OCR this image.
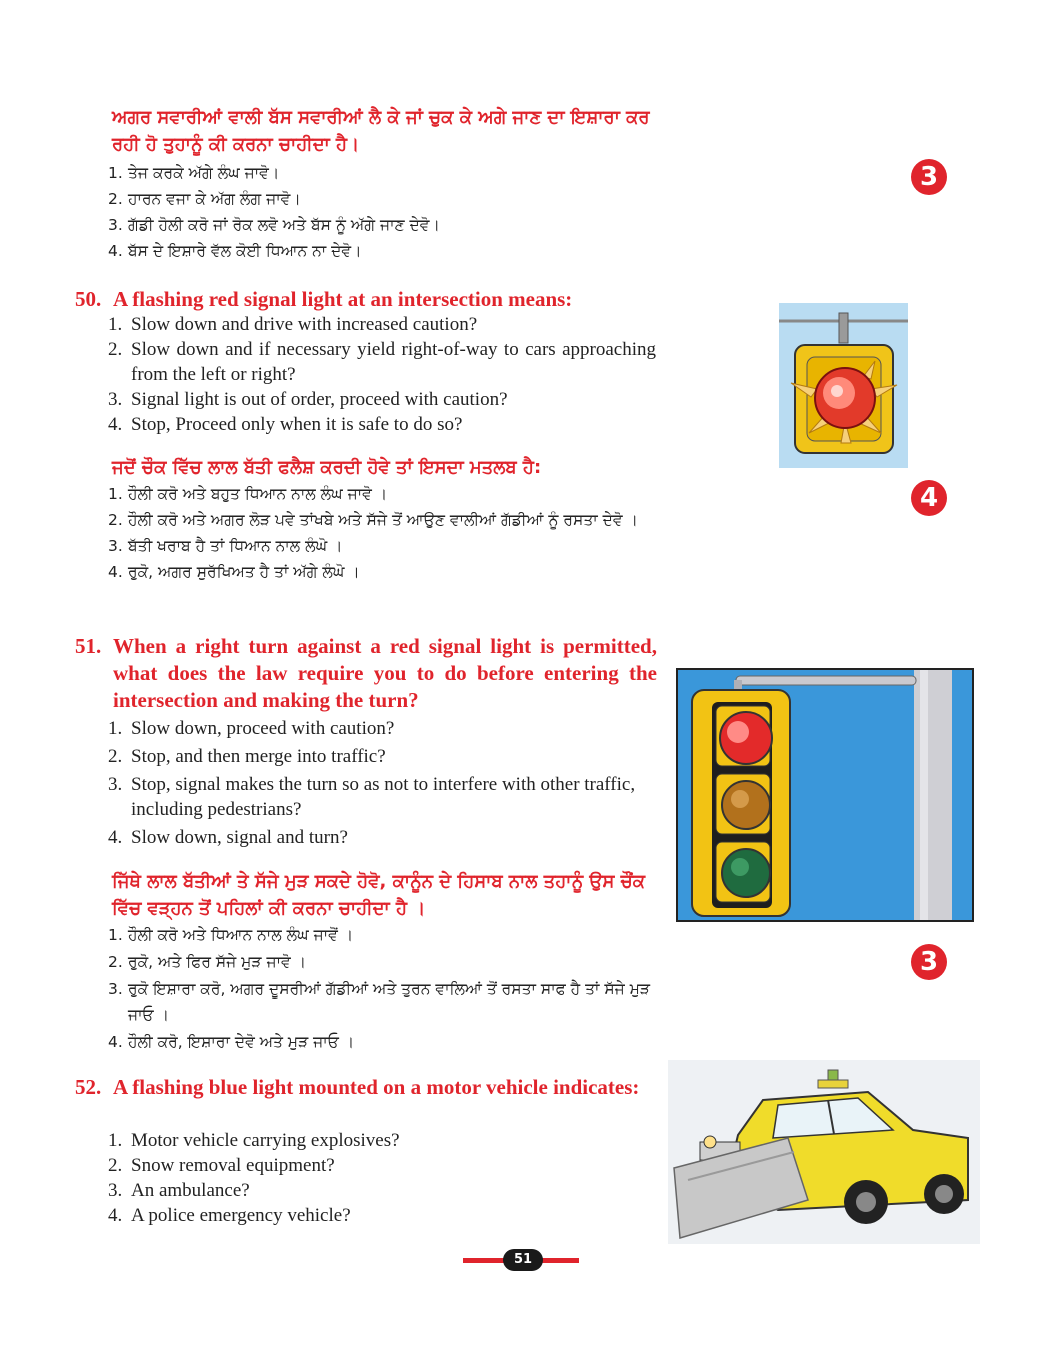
ਅਗਰ ਸਵਾਰੀਆਂ ਵਾਲੀ ਬੱਸ ਸਵਾਰੀਆਂ ਲੈ ਕੇ ਜਾਂ ਚੁਕ ਕੇ ਅਗੇ ਜਾਣ ਦਾ ਇਸ਼ਾਰਾ ਕਰ ਰਹੀ ਹੋ ਤੁਹਾਨੂੰ ਕੀ ਕਰਨਾ ਚਾਹੀਦਾ ਹੈ।
1. ਤੇਜ ਕਰਕੇ ਅੱਗੇ ਲੰਘ ਜਾਵੋ।
2. ਹਾਰਨ ਵਜਾ ਕੇ ਅੱਗ ਲੰਗ ਜਾਵੋ।
3. ਗੱਡੀ ਹੋਲੀ ਕਰੋ ਜਾਂ ਰੋਕ ਲਵੋ ਅਤੇ ਬੱਸ ਨੂੰ ਅੱਗੇ ਜਾਣ ਦੇਵੋ।
4. ਬੱਸ ਦੇ ਇਸ਼ਾਰੇ ਵੱਲ ਕੋਈ ਧਿਆਨ ਨਾ ਦੇਵੋ।
3
50. A flashing red signal light at an intersection means:
1. Slow down and drive with increased caution?
2. Slow down and if necessary yield right-of-way to cars approaching from the left or right?
3. Signal light is out of order, proceed with caution?
4. Stop, Proceed only when it is safe to do so?
ਜਦੋਂ ਚੌਕ ਵਿੱਚ ਲਾਲ ਬੱਤੀ ਫਲੈਸ਼ ਕਰਦੀ ਹੋਵੇ ਤਾਂ ਇਸਦਾ ਮਤਲਬ ਹੈ:
1. ਹੌਲੀ ਕਰੋ ਅਤੇ ਬਹੁਤ ਧਿਆਨ ਨਾਲ ਲੰਘ ਜਾਵੋ ।
2. ਹੌਲੀ ਕਰੋ ਅਤੇ ਅਗਰ ਲੋੜ ਪਵੇ ਤਾਂਖਬੇ ਅਤੇ ਸੱਜੇ ਤੋਂ ਆਉਣ ਵਾਲੀਆਂ ਗੱਡੀਆਂ ਨੂੰ ਰਸਤਾ ਦੇਵੋ ।
3. ਬੱਤੀ ਖਰਾਬ ਹੈ ਤਾਂ ਧਿਆਨ ਨਾਲ ਲੰਘੋ ।
4. ਰੁਕੋ, ਅਗਰ ਸੁਰੱਖਿਅਤ ਹੈ ਤਾਂ ਅੱਗੇ ਲੰਘੋ ।
4
51. When a right turn against a red signal light is permitted, what does the law require you to do before entering the intersection and making the turn?
1. Slow down, proceed with caution?
2. Stop, and then merge into traffic?
3. Stop, signal makes the turn so as not to interfere with other traffic, including pedestrians?
4. Slow down, signal and turn?
ਜਿੱਥੇ ਲਾਲ ਬੱਤੀਆਂ ਤੇ ਸੱਜੇ ਮੁੜ ਸਕਦੇ ਹੋਵੋ, ਕਾਨੂੰਨ ਦੇ ਹਿਸਾਬ ਨਾਲ ਤਹਾਨੂੰ ਉਸ ਚੌਂਕ ਵਿੱਚ ਵੜ੍ਹਨ ਤੋਂ ਪਹਿਲਾਂ ਕੀ ਕਰਨਾ ਚਾਹੀਦਾ ਹੈ ।
1. ਹੌਲੀ ਕਰੋ ਅਤੇ ਧਿਆਨ ਨਾਲ ਲੰਘ ਜਾਵੋਂ ।
2. ਰੁਕੋ, ਅਤੇ ਫਿਰ ਸੱਜੇ ਮੁੜ ਜਾਵੋ ।
3. ਰੁਕੋ ਇਸ਼ਾਰਾ ਕਰੋ, ਅਗਰ ਦੂਸਰੀਆਂ ਗੱਡੀਆਂ ਅਤੇ ਤੁਰਨ ਵਾਲਿਆਂ ਤੋਂ ਰਸਤਾ ਸਾਫ ਹੈ ਤਾਂ ਸੱਜੇ ਮੁੜ ਜਾਓ ।
4. ਹੌਲੀ ਕਰੋ, ਇਸ਼ਾਰਾ ਦੇਵੋ ਅਤੇ ਮੁੜ ਜਾਓ ।
3
52. A flashing blue light mounted on a motor vehicle indicates:
1. Motor vehicle carrying explosives?
2. Snow removal equipment?
3. An ambulance?
4. A police emergency vehicle?
51
